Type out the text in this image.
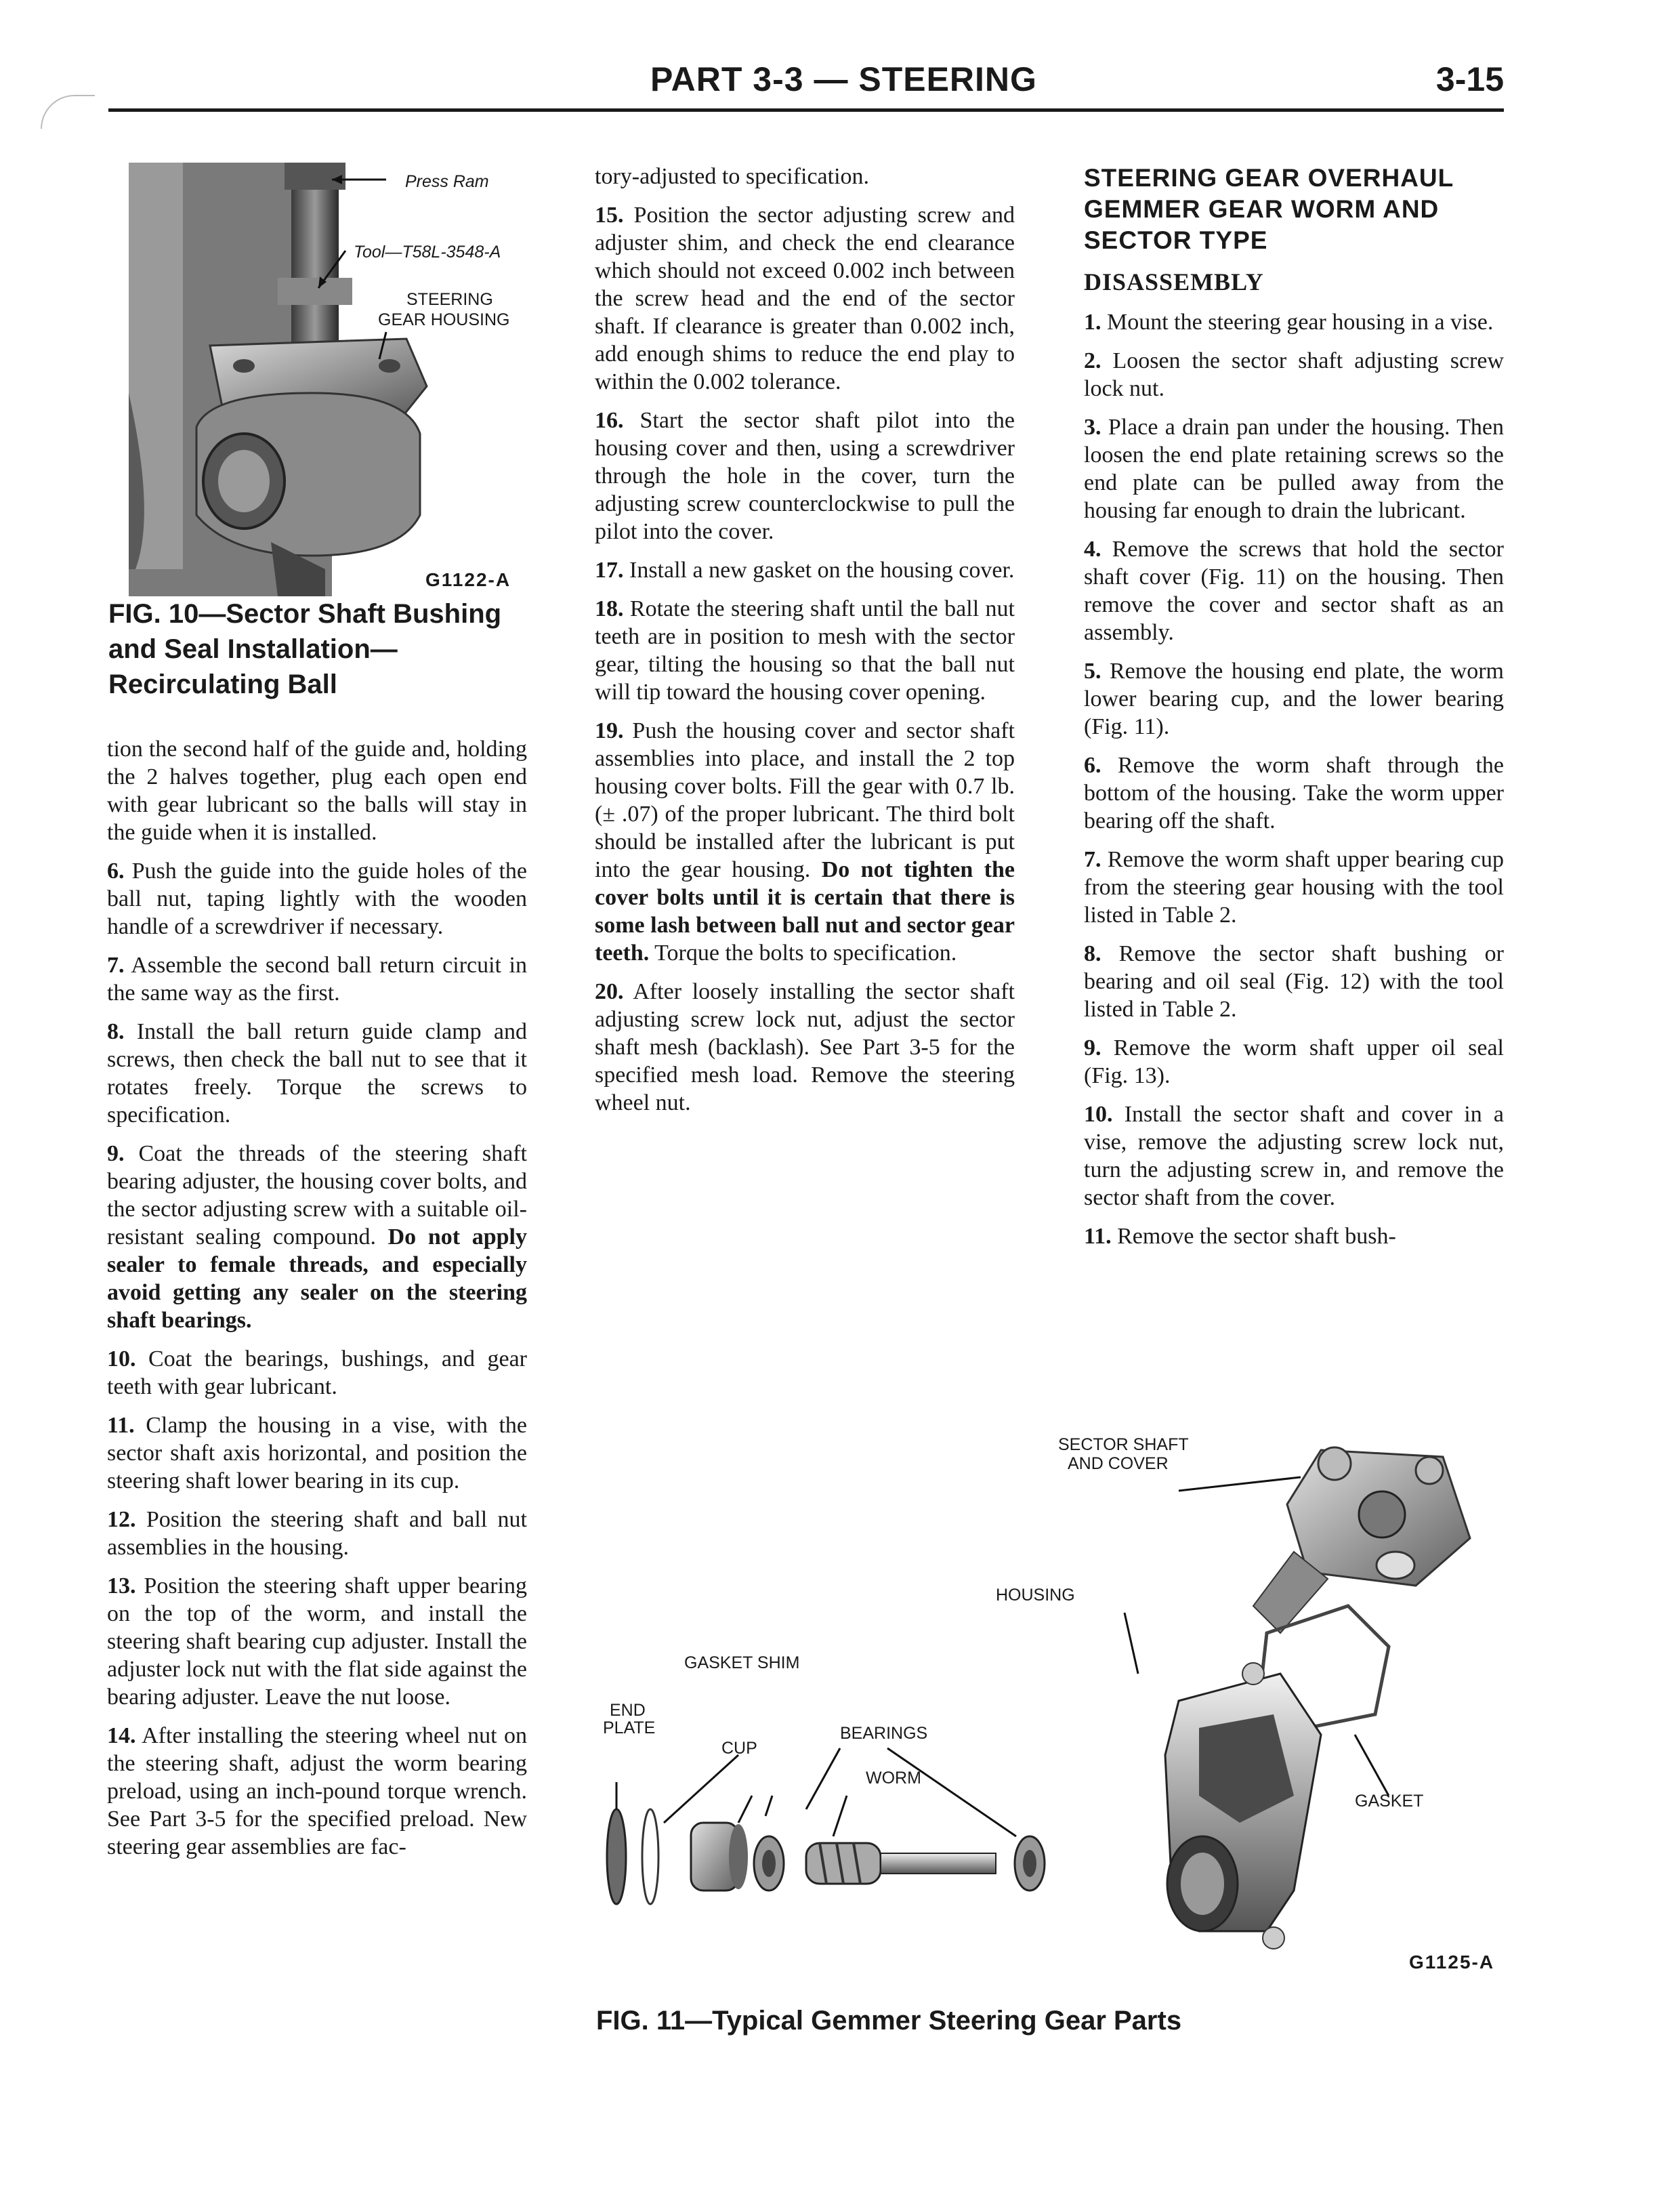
PART 3-3 — STEERING	3-15
Press Ram
Tool—T58L-3548-A
STEERING
GEAR HOUSING
G1122-A
FIG. 10—Sector Shaft Bushing
and Seal Installation—
Recirculating Ball

tion the second half of the guide and, holding the 2 halves together, plug each open end with gear lubricant so the balls will stay in the guide when it is installed.

6. Push the guide into the guide holes of the ball nut, taping lightly with the wooden handle of a screwdriver if necessary.

7. Assemble the second ball return circuit in the same way as the first.

8. Install the ball return guide clamp and screws, then check the ball nut to see that it rotates freely. Torque the screws to specification.

9. Coat the threads of the steering shaft bearing adjuster, the housing cover bolts, and the sector adjusting screw with a suitable oil-resistant sealing compound. Do not apply sealer to female threads, and especially avoid getting any sealer on the steering shaft bearings.

10. Coat the bearings, bushings, and gear teeth with gear lubricant.

11. Clamp the housing in a vise, with the sector shaft axis horizontal, and position the steering shaft lower bearing in its cup.

12. Position the steering shaft and ball nut assemblies in the housing.

13. Position the steering shaft upper bearing on the top of the worm, and install the steering shaft bearing cup adjuster. Install the adjuster lock nut with the flat side against the bearing adjuster. Leave the nut loose.

14. After installing the steering wheel nut on the steering shaft, adjust the worm bearing preload, using an inch-pound torque wrench. See Part 3-5 for the specified preload. New steering gear assemblies are fac-

tory-adjusted to specification.

15. Position the sector adjusting screw and adjuster shim, and check the end clearance which should not exceed 0.002 inch between the screw head and the end of the sector shaft. If clearance is greater than 0.002 inch, add enough shims to reduce the end play to within the 0.002 tolerance.

16. Start the sector shaft pilot into the housing cover and then, using a screwdriver through the hole in the cover, turn the adjusting screw counterclockwise to pull the pilot into the cover.

17. Install a new gasket on the housing cover.

18. Rotate the steering shaft until the ball nut teeth are in position to mesh with the sector gear, tilting the housing so that the ball nut will tip toward the housing cover opening.

19. Push the housing cover and sector shaft assemblies into place, and install the 2 top housing cover bolts. Fill the gear with 0.7 lb. (± .07) of the proper lubricant. The third bolt should be installed after the lubricant is put into the gear housing. Do not tighten the cover bolts until it is certain that there is some lash between ball nut and sector gear teeth. Torque the bolts to specification.

20. After loosely installing the sector shaft adjusting screw lock nut, adjust the sector shaft mesh (backlash). See Part 3-5 for the specified mesh load. Remove the steering wheel nut.

STEERING GEAR OVERHAUL
GEMMER GEAR WORM AND
SECTOR TYPE
DISASSEMBLY

1. Mount the steering gear housing in a vise.

2. Loosen the sector shaft adjusting screw lock nut.

3. Place a drain pan under the housing. Then loosen the end plate retaining screws so the end plate can be pulled away from the housing far enough to drain the lubricant.

4. Remove the screws that hold the sector shaft cover (Fig. 11) on the housing. Then remove the cover and sector shaft as an assembly.

5. Remove the housing end plate, the worm lower bearing cup, and the lower bearing (Fig. 11).

6. Remove the worm shaft through the bottom of the housing. Take the worm upper bearing off the shaft.

7. Remove the worm shaft upper bearing cup from the steering gear housing with the tool listed in Table 2.

8. Remove the sector shaft bushing or bearing and oil seal (Fig. 12) with the tool listed in Table 2.

9. Remove the worm shaft upper oil seal (Fig. 13).

10. Install the sector shaft and cover in a vise, remove the adjusting screw lock nut, turn the adjusting screw in, and remove the sector shaft from the cover.

11. Remove the sector shaft bush-

SECTOR SHAFT
AND COVER
HOUSING
GASKET SHIM
END
PLATE
CUP
BEARINGS
WORM
GASKET
G1125-A
FIG. 11—Typical Gemmer Steering Gear Parts
